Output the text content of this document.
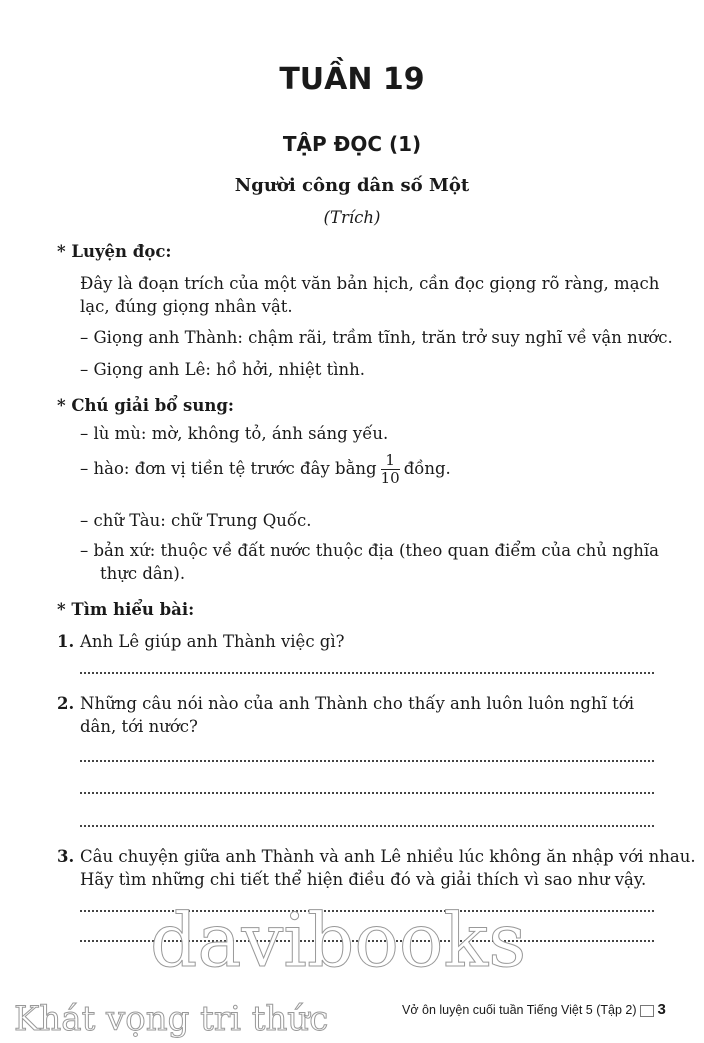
TUẦN 19
TẬP ĐỌC (1)
Người công dân số Một
(Trích)
* Luyện đọc:
Đây là đoạn trích của một văn bản hịch, cần đọc giọng rõ ràng, mạch
lạc, đúng giọng nhân vật.
– Giọng anh Thành: chậm rãi, trầm tĩnh, trăn trở suy nghĩ về vận nước.
– Giọng anh Lê: hồ hởi, nhiệt tình.
* Chú giải bổ sung:
– lù mù: mờ, không tỏ, ánh sáng yếu.
– hào: đơn vị tiền tệ trước đây bằng $\frac{1}{10}$ đồng.
– chữ Tàu: chữ Trung Quốc.
– bản xứ: thuộc về đất nước thuộc địa (theo quan điểm của chủ nghĩa
thực dân).
* Tìm hiểu bài:
1. Anh Lê giúp anh Thành việc gì?
2. Những câu nói nào của anh Thành cho thấy anh luôn luôn nghĩ tới
dân, tới nước?
3. Câu chuyện giữa anh Thành và anh Lê nhiều lúc không ăn nhập với nhau.
Hãy tìm những chi tiết thể hiện điều đó và giải thích vì sao như vậy.
davibooks
Khát vọng tri thức	Vở ôn luyện cuối tuần Tiếng Việt 5 (Tập 2) 3
